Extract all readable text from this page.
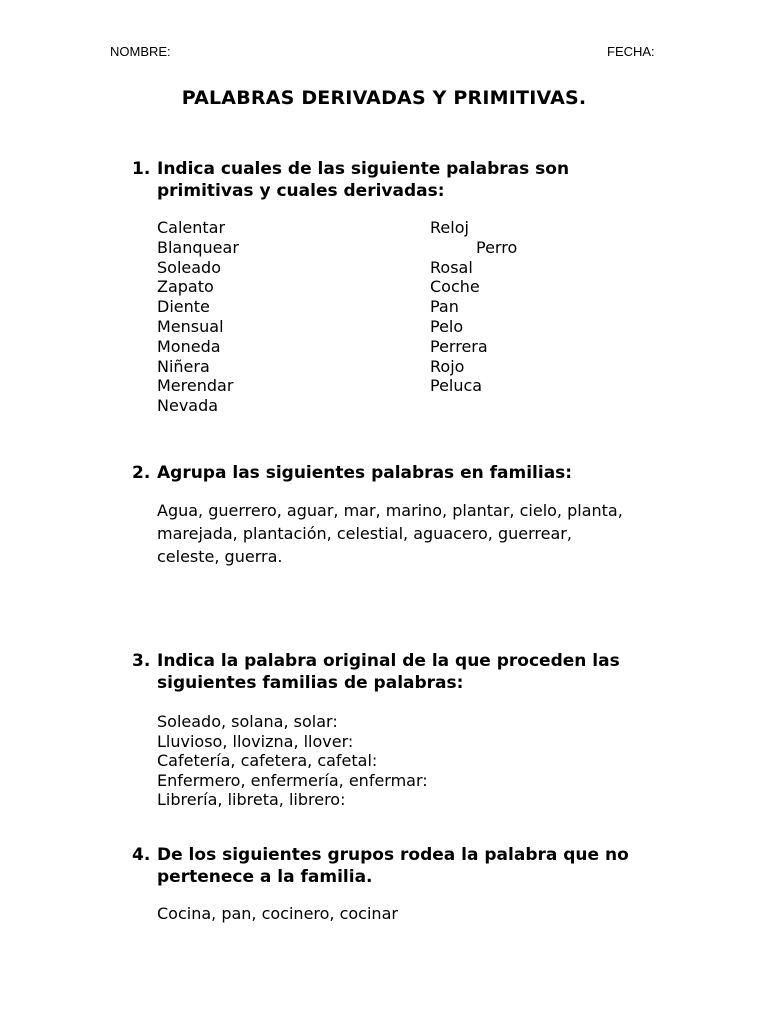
NOMBRE:	FECHA:
PALABRAS DERIVADAS Y PRIMITIVAS.
1. Indica cuales de las siguiente palabras son primitivas y cuales derivadas:
Calentar
Blanquear
Soleado
Zapato
Diente
Mensual
Moneda
Niñera
Merendar
Nevada
Reloj
Perro
Rosal
Coche
Pan
Pelo
Perrera
Rojo
Peluca
2. Agrupa las siguientes palabras en familias:
Agua, guerrero, aguar, mar, marino, plantar, cielo, planta, marejada, plantación, celestial, aguacero, guerrear, celeste, guerra.
3. Indica la palabra original de la que proceden las siguientes familias de palabras:
Soleado, solana, solar:
Lluvioso, llovizna, llover:
Cafetería, cafetera, cafetal:
Enfermero, enfermería, enfermar:
Librería, libreta, librero:
4. De los siguientes grupos rodea la palabra que no pertenece a la familia.
Cocina, pan, cocinero, cocinar
